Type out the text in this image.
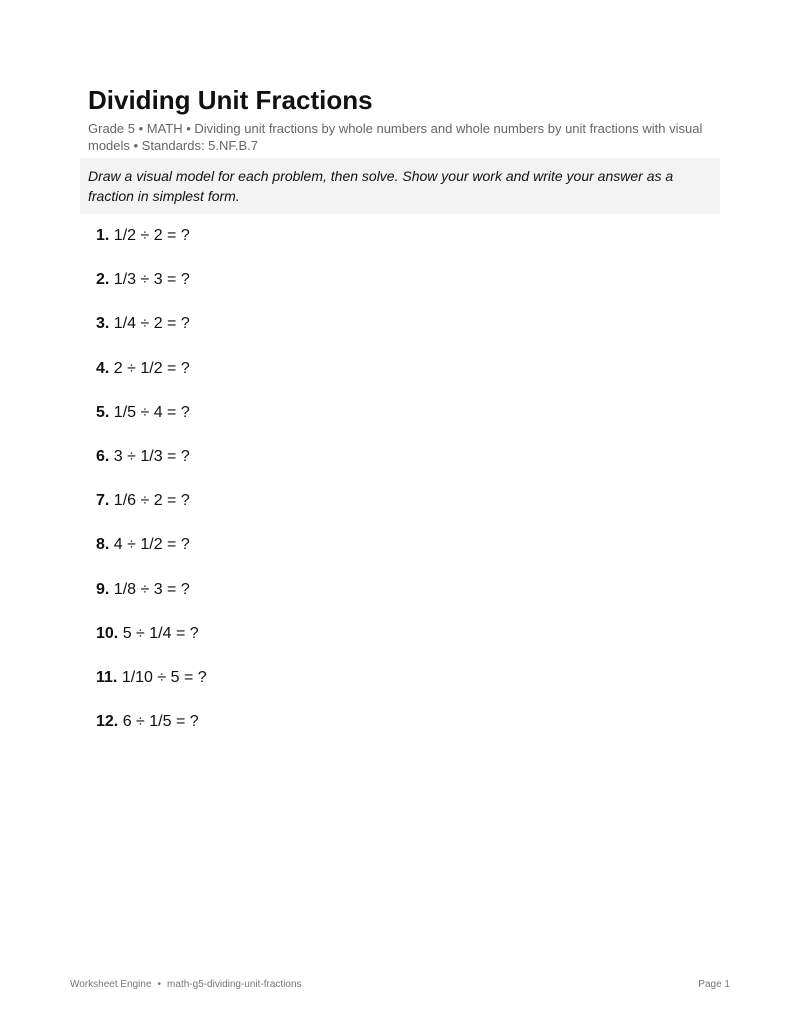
Dividing Unit Fractions

Grade 5 • MATH • Dividing unit fractions by whole numbers and whole numbers by unit fractions with visual models • Standards: 5.NF.B.7

Draw a visual model for each problem, then solve. Show your work and write your answer as a fraction in simplest form.
1. 1/2 ÷ 2 = ?
2. 1/3 ÷ 3 = ?
3. 1/4 ÷ 2 = ?
4. 2 ÷ 1/2 = ?
5. 1/5 ÷ 4 = ?
6. 3 ÷ 1/3 = ?
7. 1/6 ÷ 2 = ?
8. 4 ÷ 1/2 = ?
9. 1/8 ÷ 3 = ?
10. 5 ÷ 1/4 = ?
11. 1/10 ÷ 5 = ?
12. 6 ÷ 1/5 = ?
Worksheet Engine • math-g5-dividing-unit-fractions	Page 1
